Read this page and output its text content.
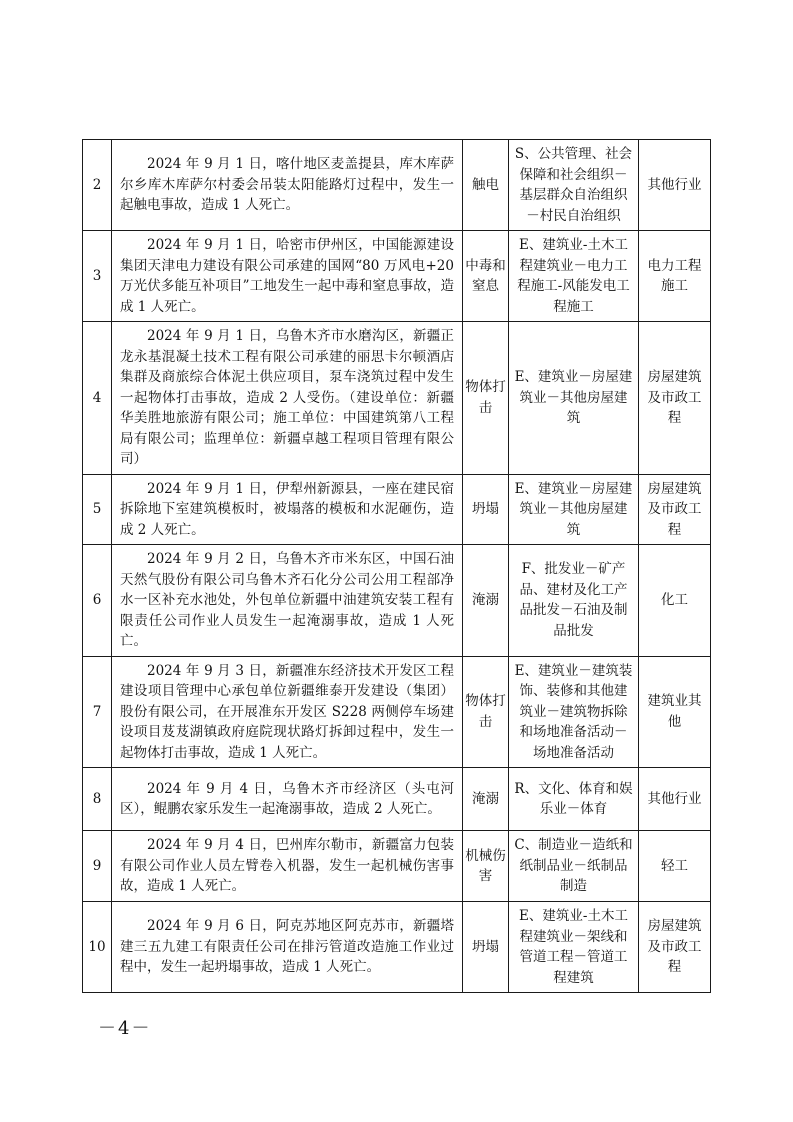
2	2024 年 9 月 1 日，喀什地区麦盖提县，库木库萨尔乡库木库萨尔村委会吊装太阳能路灯过程中，发生一起触电事故，造成 1 人死亡。	触电	S、公共管理、社会保障和社会组织－基层群众自治组织－村民自治组织	其他行业
3	2024 年 9 月 1 日，哈密市伊州区，中国能源建设集团天津电力建设有限公司承建的国网“80 万风电+20 万光伏多能互补项目”工地发生一起中毒和窒息事故，造成 1 人死亡。	中毒和窒息	E、建筑业-土木工程建筑业－电力工程施工-风能发电工程施工	电力工程施工
4	2024 年 9 月 1 日，乌鲁木齐市水磨沟区，新疆正龙永基混凝土技术工程有限公司承建的丽思卡尔顿酒店集群及商旅综合体泥土供应项目，泵车浇筑过程中发生一起物体打击事故，造成 2 人受伤。（建设单位：新疆华美胜地旅游有限公司；施工单位：中国建筑第八工程局有限公司；监理单位：新疆卓越工程项目管理有限公司）	物体打击	E、建筑业－房屋建筑业－其他房屋建筑	房屋建筑及市政工程
5	2024 年 9 月 1 日，伊犁州新源县，一座在建民宿拆除地下室建筑模板时，被塌落的模板和水泥砸伤，造成 2 人死亡。	坍塌	E、建筑业－房屋建筑业－其他房屋建筑	房屋建筑及市政工程
6	2024 年 9 月 2 日，乌鲁木齐市米东区，中国石油天然气股份有限公司乌鲁木齐石化分公司公用工程部净水一区补充水池处，外包单位新疆中油建筑安装工程有限责任公司作业人员发生一起淹溺事故，造成 1 人死亡。	淹溺	F、批发业－矿产品、建材及化工产品批发－石油及制品批发	化工
7	2024 年 9 月 3 日，新疆准东经济技术开发区工程建设项目管理中心承包单位新疆维泰开发建设（集团）股份有限公司，在开展准东开发区 S228 两侧停车场建设项目芨芨湖镇政府庭院现状路灯拆卸过程中，发生一起物体打击事故，造成 1 人死亡。	物体打击	E、建筑业－建筑装饰、装修和其他建筑业－建筑物拆除和场地准备活动－场地准备活动	建筑业其他
8	2024 年 9 月 4 日，乌鲁木齐市经济区（头屯河区），鲲鹏农家乐发生一起淹溺事故，造成 2 人死亡。	淹溺	R、文化、体育和娱乐业－体育	其他行业
9	2024 年 9 月 4 日，巴州库尔勒市，新疆富力包装有限公司作业人员左臂卷入机器，发生一起机械伤害事故，造成 1 人死亡。	机械伤害	C、制造业－造纸和纸制品业－纸制品制造	轻工
10	2024 年 9 月 6 日，阿克苏地区阿克苏市，新疆塔建三五九建工有限责任公司在排污管道改造施工作业过程中，发生一起坍塌事故，造成 1 人死亡。	坍塌	E、建筑业-土木工程建筑业－架线和管道工程－管道工程建筑	房屋建筑及市政工程
－4－
